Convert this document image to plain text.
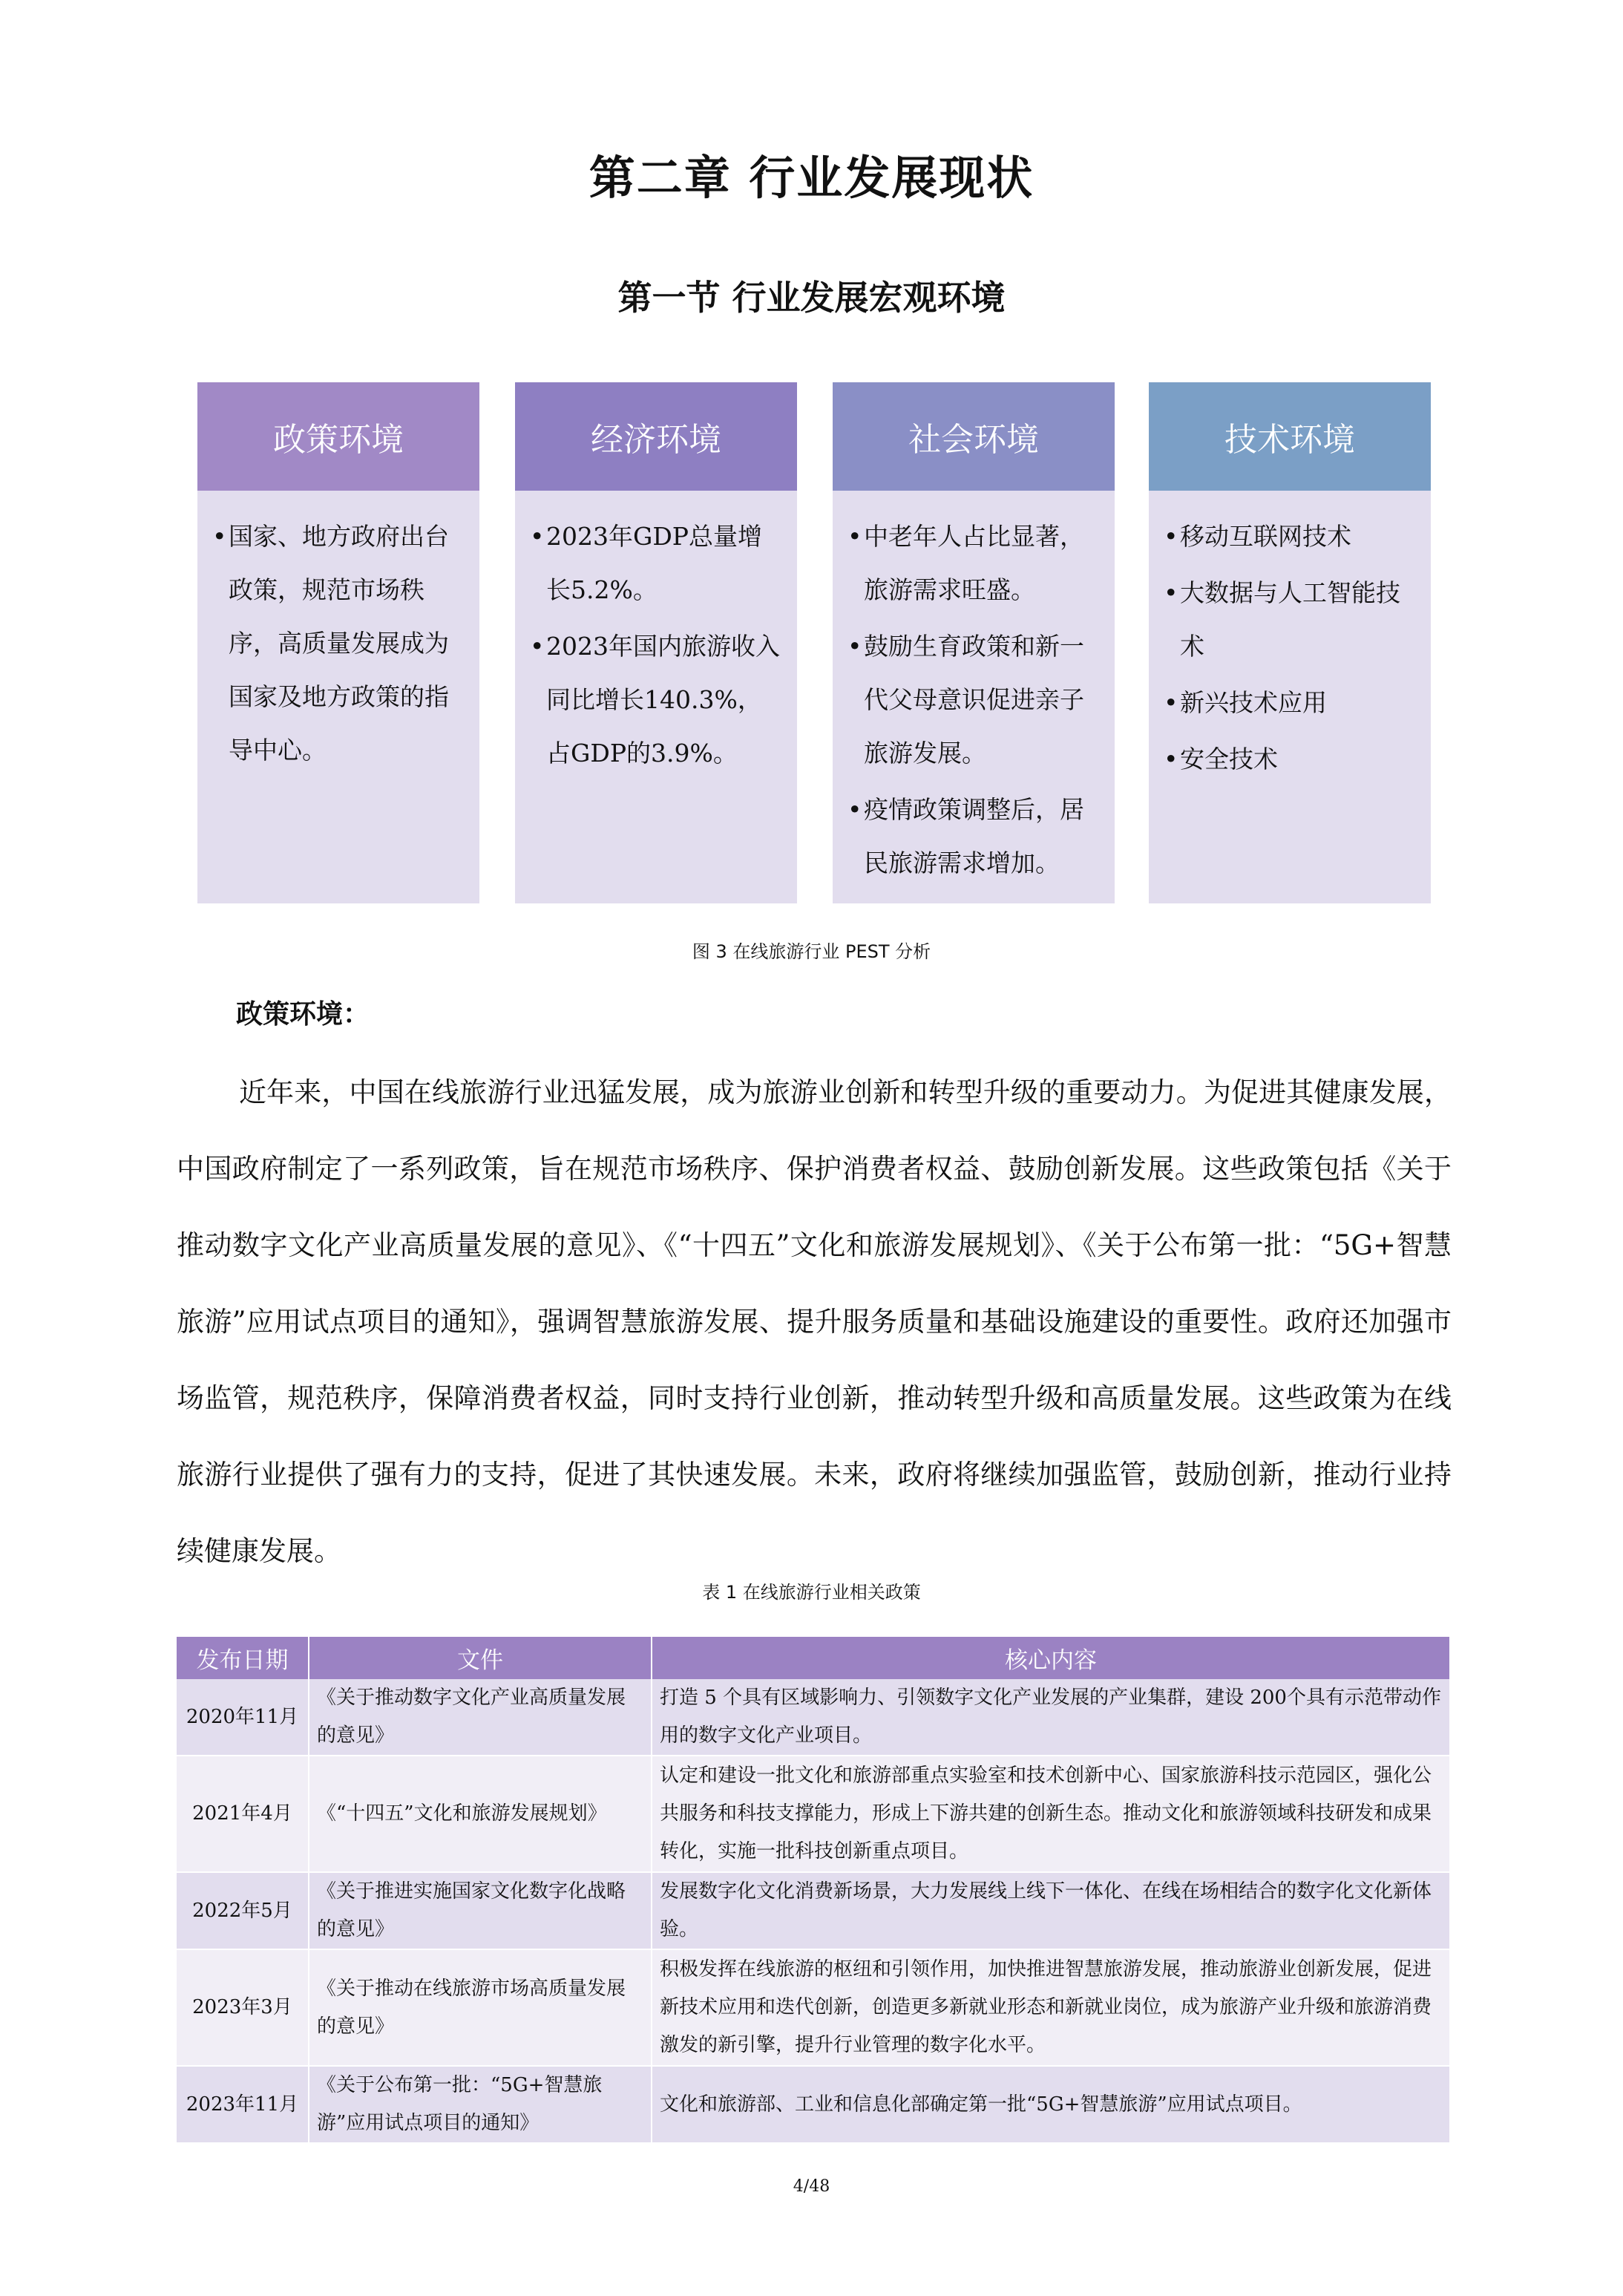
第二章 行业发展现状
第一节 行业发展宏观环境
政策环境
• 国家、地方政府出台政策，规范市场秩序，高质量发展成为国家及地方政策的指导中心。
经济环境
• 2023年GDP总量增长5.2%。
• 2023年国内旅游收入同比增长140.3%，占GDP的3.9%。
社会环境
• 中老年人占比显著，旅游需求旺盛。
• 鼓励生育政策和新一代父母意识促进亲子旅游发展。
• 疫情政策调整后，居民旅游需求增加。
技术环境
• 移动互联网技术
• 大数据与人工智能技术
• 新兴技术应用
• 安全技术
图 3 在线旅游行业 PEST 分析
政策环境：

近年来，中国在线旅游行业迅猛发展，成为旅游业创新和转型升级的重要动力。为促进其健康发展，中国政府制定了一系列政策，旨在规范市场秩序、保护消费者权益、鼓励创新发展。这些政策包括《关于推动数字文化产业高质量发展的意见》、《“十四五”文化和旅游发展规划》、《关于公布第一批：“5G+智慧旅游”应用试点项目的通知》，强调智慧旅游发展、提升服务质量和基础设施建设的重要性。政府还加强市场监管，规范秩序，保障消费者权益，同时支持行业创新，推动转型升级和高质量发展。这些政策为在线旅游行业提供了强有力的支持，促进了其快速发展。未来，政府将继续加强监管，鼓励创新，推动行业持续健康发展。

表 1 在线旅游行业相关政策
发布日期	文件	核心内容
2020年11月	《关于推动数字文化产业高质量发展的意见》	打造 5 个具有区域影响力、引领数字文化产业发展的产业集群，建设 200个具有示范带动作用的数字文化产业项目。
2021年4月	《“十四五”文化和旅游发展规划》	认定和建设一批文化和旅游部重点实验室和技术创新中心、国家旅游科技示范园区，强化公共服务和科技支撑能力，形成上下游共建的创新生态。推动文化和旅游领域科技研发和成果转化，实施一批科技创新重点项目。
2022年5月	《关于推进实施国家文化数字化战略的意见》	发展数字化文化消费新场景，大力发展线上线下一体化、在线在场相结合的数字化文化新体验。
2023年3月	《关于推动在线旅游市场高质量发展的意见》	积极发挥在线旅游的枢纽和引领作用，加快推进智慧旅游发展，推动旅游业创新发展，促进新技术应用和迭代创新，创造更多新就业形态和新就业岗位，成为旅游产业升级和旅游消费激发的新引擎，提升行业管理的数字化水平。
2023年11月	《关于公布第一批：“5G+智慧旅游”应用试点项目的通知》	文化和旅游部、工业和信息化部确定第一批“5G+智慧旅游”应用试点项目。
4/48
